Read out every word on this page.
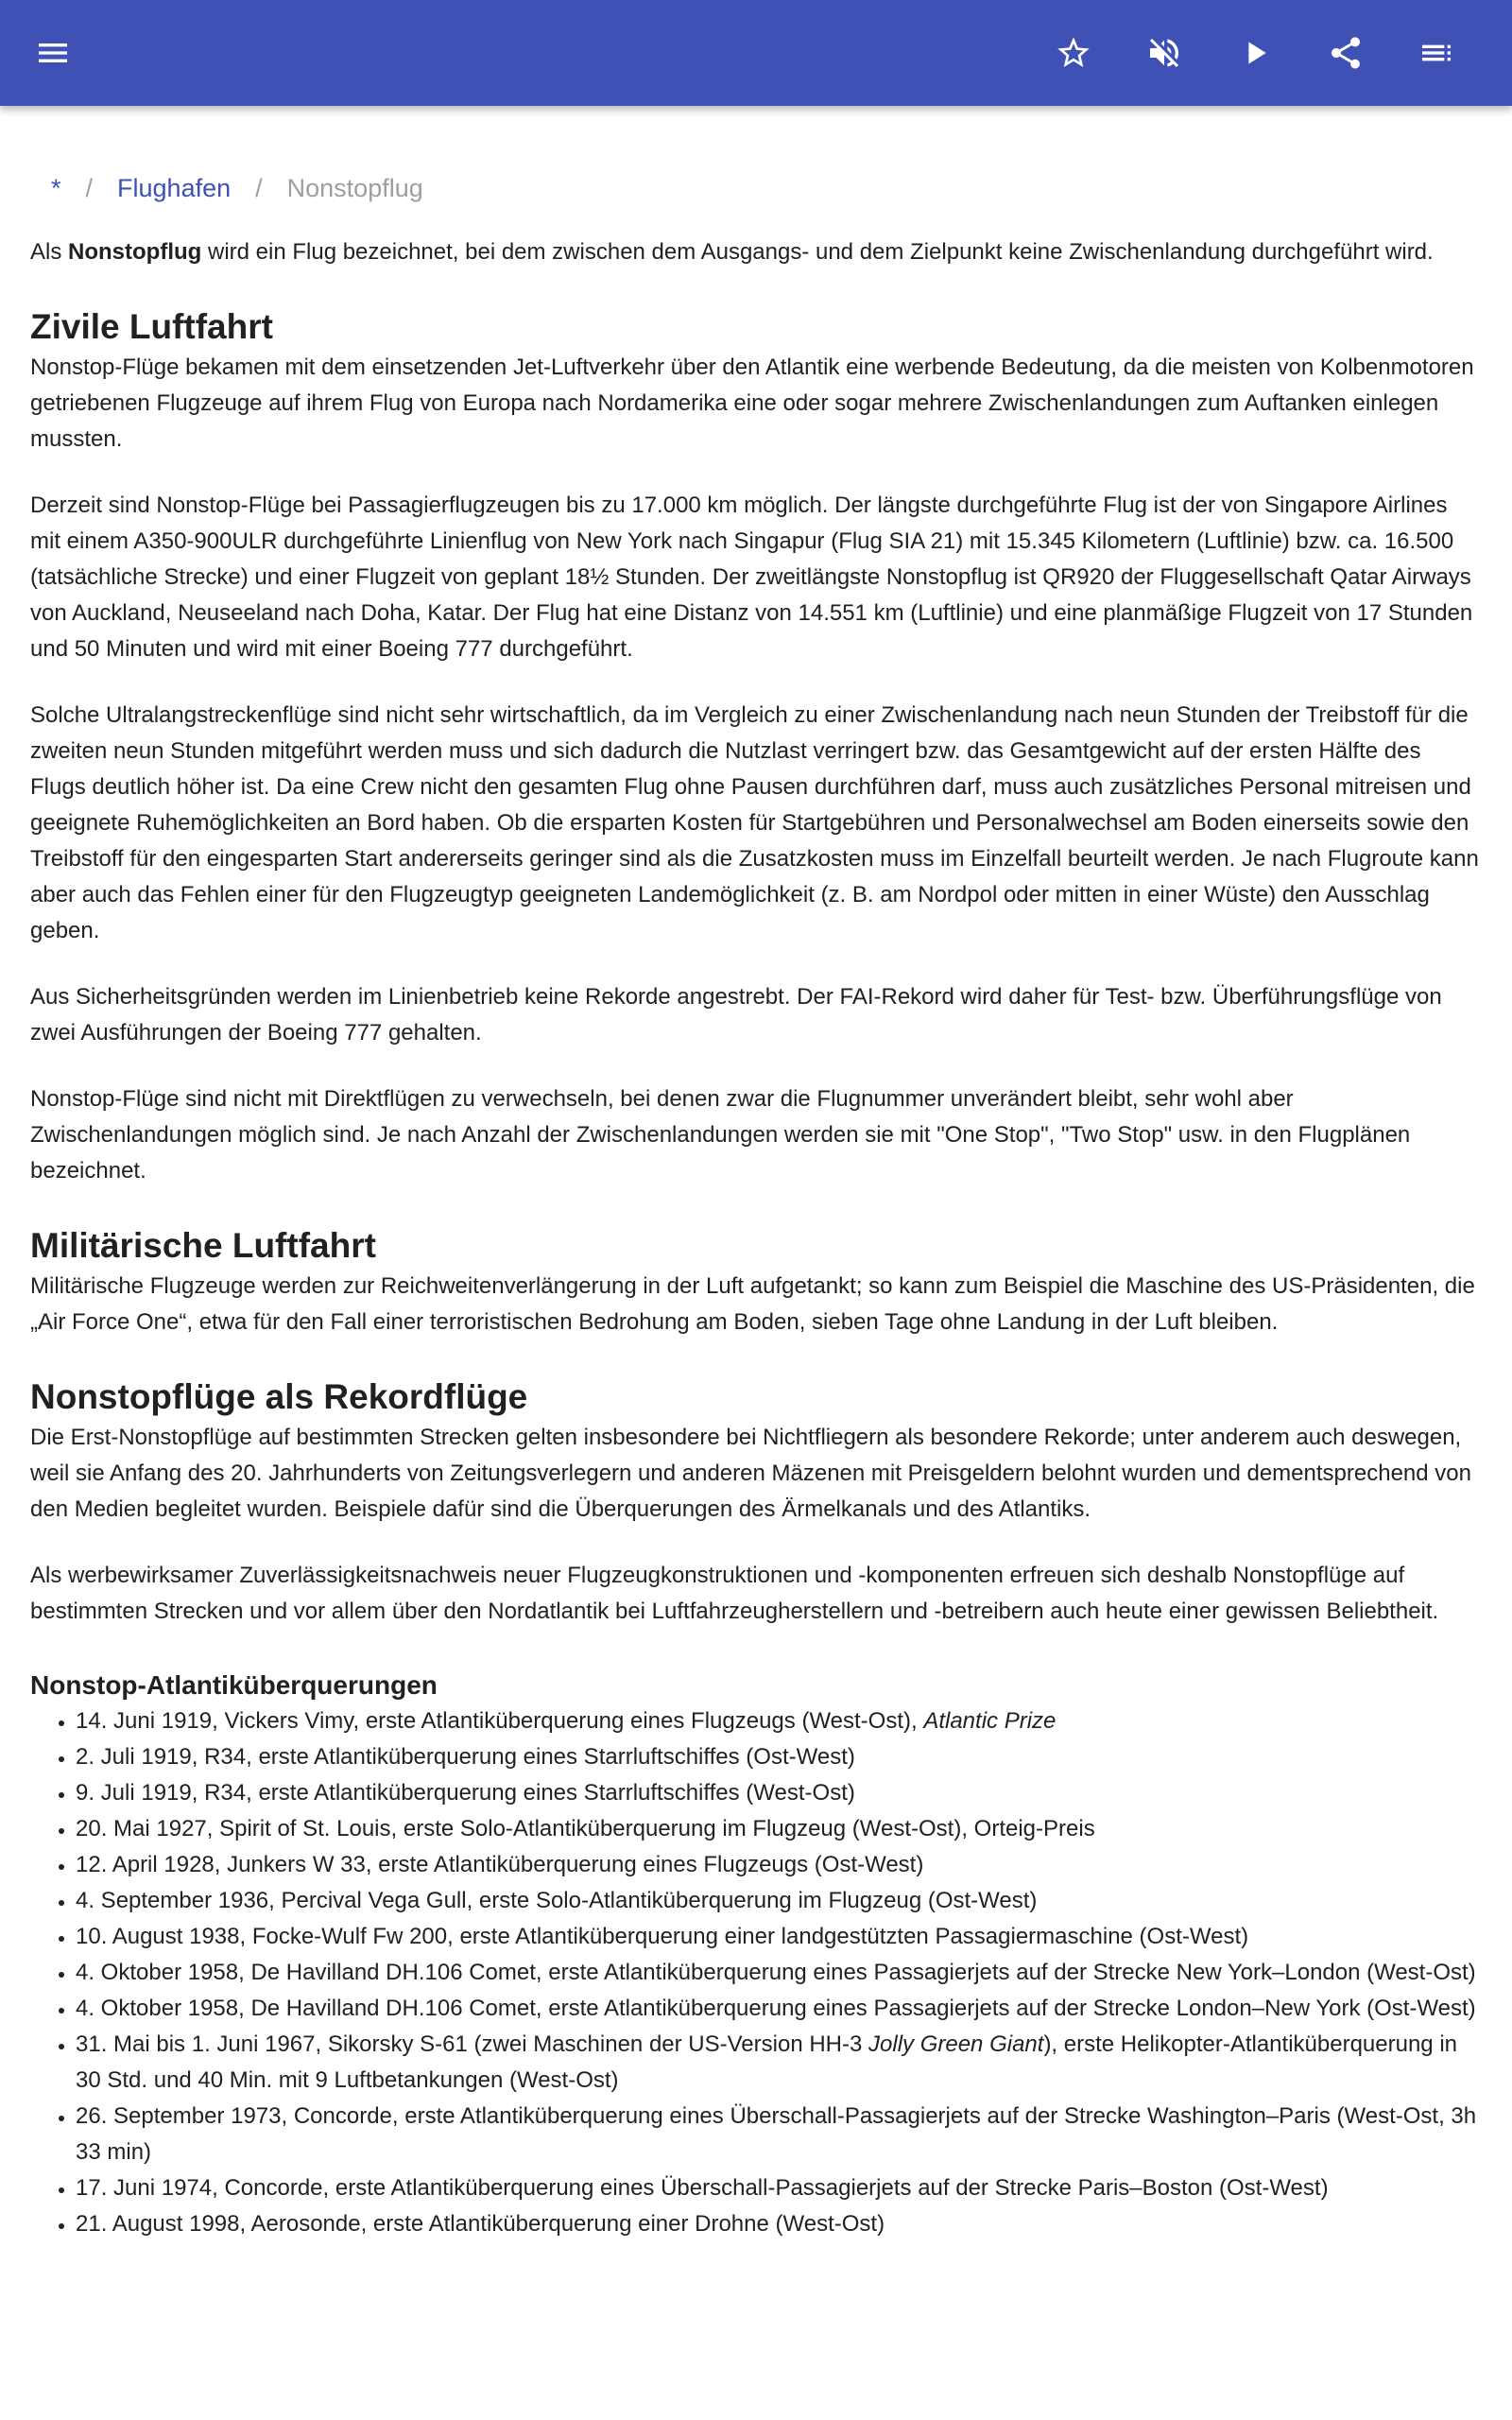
* / Flughafen / Nonstopflug

Als Nonstopflug wird ein Flug bezeichnet, bei dem zwischen dem Ausgangs- und dem Zielpunkt keine Zwischenlandung durchgeführt wird.

Zivile Luftfahrt

Nonstop-Flüge bekamen mit dem einsetzenden Jet-Luftverkehr über den Atlantik eine werbende Bedeutung, da die meisten von Kolbenmotoren getriebenen Flugzeuge auf ihrem Flug von Europa nach Nordamerika eine oder sogar mehrere Zwischenlandungen zum Auftanken einlegen mussten.

Derzeit sind Nonstop-Flüge bei Passagierflugzeugen bis zu 17.000 km möglich. Der längste durchgeführte Flug ist der von Singapore Airlines mit einem A350-900ULR durchgeführte Linienflug von New York nach Singapur (Flug SIA 21) mit 15.345 Kilometern (Luftlinie) bzw. ca. 16.500 (tatsächliche Strecke) und einer Flugzeit von geplant 18½ Stunden. Der zweitlängste Nonstopflug ist QR920 der Fluggesellschaft Qatar Airways von Auckland, Neuseeland nach Doha, Katar. Der Flug hat eine Distanz von 14.551 km (Luftlinie) und eine planmäßige Flugzeit von 17 Stunden und 50 Minuten und wird mit einer Boeing 777 durchgeführt.

Solche Ultralangstreckenflüge sind nicht sehr wirtschaftlich, da im Vergleich zu einer Zwischenlandung nach neun Stunden der Treibstoff für die zweiten neun Stunden mitgeführt werden muss und sich dadurch die Nutzlast verringert bzw. das Gesamtgewicht auf der ersten Hälfte des Flugs deutlich höher ist. Da eine Crew nicht den gesamten Flug ohne Pausen durchführen darf, muss auch zusätzliches Personal mitreisen und geeignete Ruhemöglichkeiten an Bord haben. Ob die ersparten Kosten für Startgebühren und Personalwechsel am Boden einerseits sowie den Treibstoff für den eingesparten Start andererseits geringer sind als die Zusatzkosten muss im Einzelfall beurteilt werden. Je nach Flugroute kann aber auch das Fehlen einer für den Flugzeugtyp geeigneten Landemöglichkeit (z. B. am Nordpol oder mitten in einer Wüste) den Ausschlag geben.

Aus Sicherheitsgründen werden im Linienbetrieb keine Rekorde angestrebt. Der FAI-Rekord wird daher für Test- bzw. Überführungsflüge von zwei Ausführungen der Boeing 777 gehalten.

Nonstop-Flüge sind nicht mit Direktflügen zu verwechseln, bei denen zwar die Flugnummer unverändert bleibt, sehr wohl aber Zwischenlandungen möglich sind. Je nach Anzahl der Zwischenlandungen werden sie mit "One Stop", "Two Stop" usw. in den Flugplänen bezeichnet.

Militärische Luftfahrt

Militärische Flugzeuge werden zur Reichweitenverlängerung in der Luft aufgetankt; so kann zum Beispiel die Maschine des US-Präsidenten, die „Air Force One“, etwa für den Fall einer terroristischen Bedrohung am Boden, sieben Tage ohne Landung in der Luft bleiben.

Nonstopflüge als Rekordflüge

Die Erst-Nonstopflüge auf bestimmten Strecken gelten insbesondere bei Nichtfliegern als besondere Rekorde; unter anderem auch deswegen, weil sie Anfang des 20. Jahrhunderts von Zeitungsverlegern und anderen Mäzenen mit Preisgeldern belohnt wurden und dementsprechend von den Medien begleitet wurden. Beispiele dafür sind die Überquerungen des Ärmelkanals und des Atlantiks.

Als werbewirksamer Zuverlässigkeitsnachweis neuer Flugzeugkonstruktionen und -komponenten erfreuen sich deshalb Nonstopflüge auf bestimmten Strecken und vor allem über den Nordatlantik bei Luftfahrzeugherstellern und -betreibern auch heute einer gewissen Beliebtheit.

Nonstop-Atlantiküberquerungen
• 14. Juni 1919, Vickers Vimy, erste Atlantiküberquerung eines Flugzeugs (West-Ost), Atlantic Prize
• 2. Juli 1919, R34, erste Atlantiküberquerung eines Starrluftschiffes (Ost-West)
• 9. Juli 1919, R34, erste Atlantiküberquerung eines Starrluftschiffes (West-Ost)
• 20. Mai 1927, Spirit of St. Louis, erste Solo-Atlantiküberquerung im Flugzeug (West-Ost), Orteig-Preis
• 12. April 1928, Junkers W 33, erste Atlantiküberquerung eines Flugzeugs (Ost-West)
• 4. September 1936, Percival Vega Gull, erste Solo-Atlantiküberquerung im Flugzeug (Ost-West)
• 10. August 1938, Focke-Wulf Fw 200, erste Atlantiküberquerung einer landgestützten Passagiermaschine (Ost-West)
• 4. Oktober 1958, De Havilland DH.106 Comet, erste Atlantiküberquerung eines Passagierjets auf der Strecke New York–London (West-Ost)
• 4. Oktober 1958, De Havilland DH.106 Comet, erste Atlantiküberquerung eines Passagierjets auf der Strecke London–New York (Ost-West)
• 31. Mai bis 1. Juni 1967, Sikorsky S-61 (zwei Maschinen der US-Version HH-3 Jolly Green Giant), erste Helikopter-Atlantiküberquerung in 30 Std. und 40 Min. mit 9 Luftbetankungen (West-Ost)
• 26. September 1973, Concorde, erste Atlantiküberquerung eines Überschall-Passagierjets auf der Strecke Washington–Paris (West-Ost, 3h 33 min)
• 17. Juni 1974, Concorde, erste Atlantiküberquerung eines Überschall-Passagierjets auf der Strecke Paris–Boston (Ost-West)
• 21. August 1998, Aerosonde, erste Atlantiküberquerung einer Drohne (West-Ost)
